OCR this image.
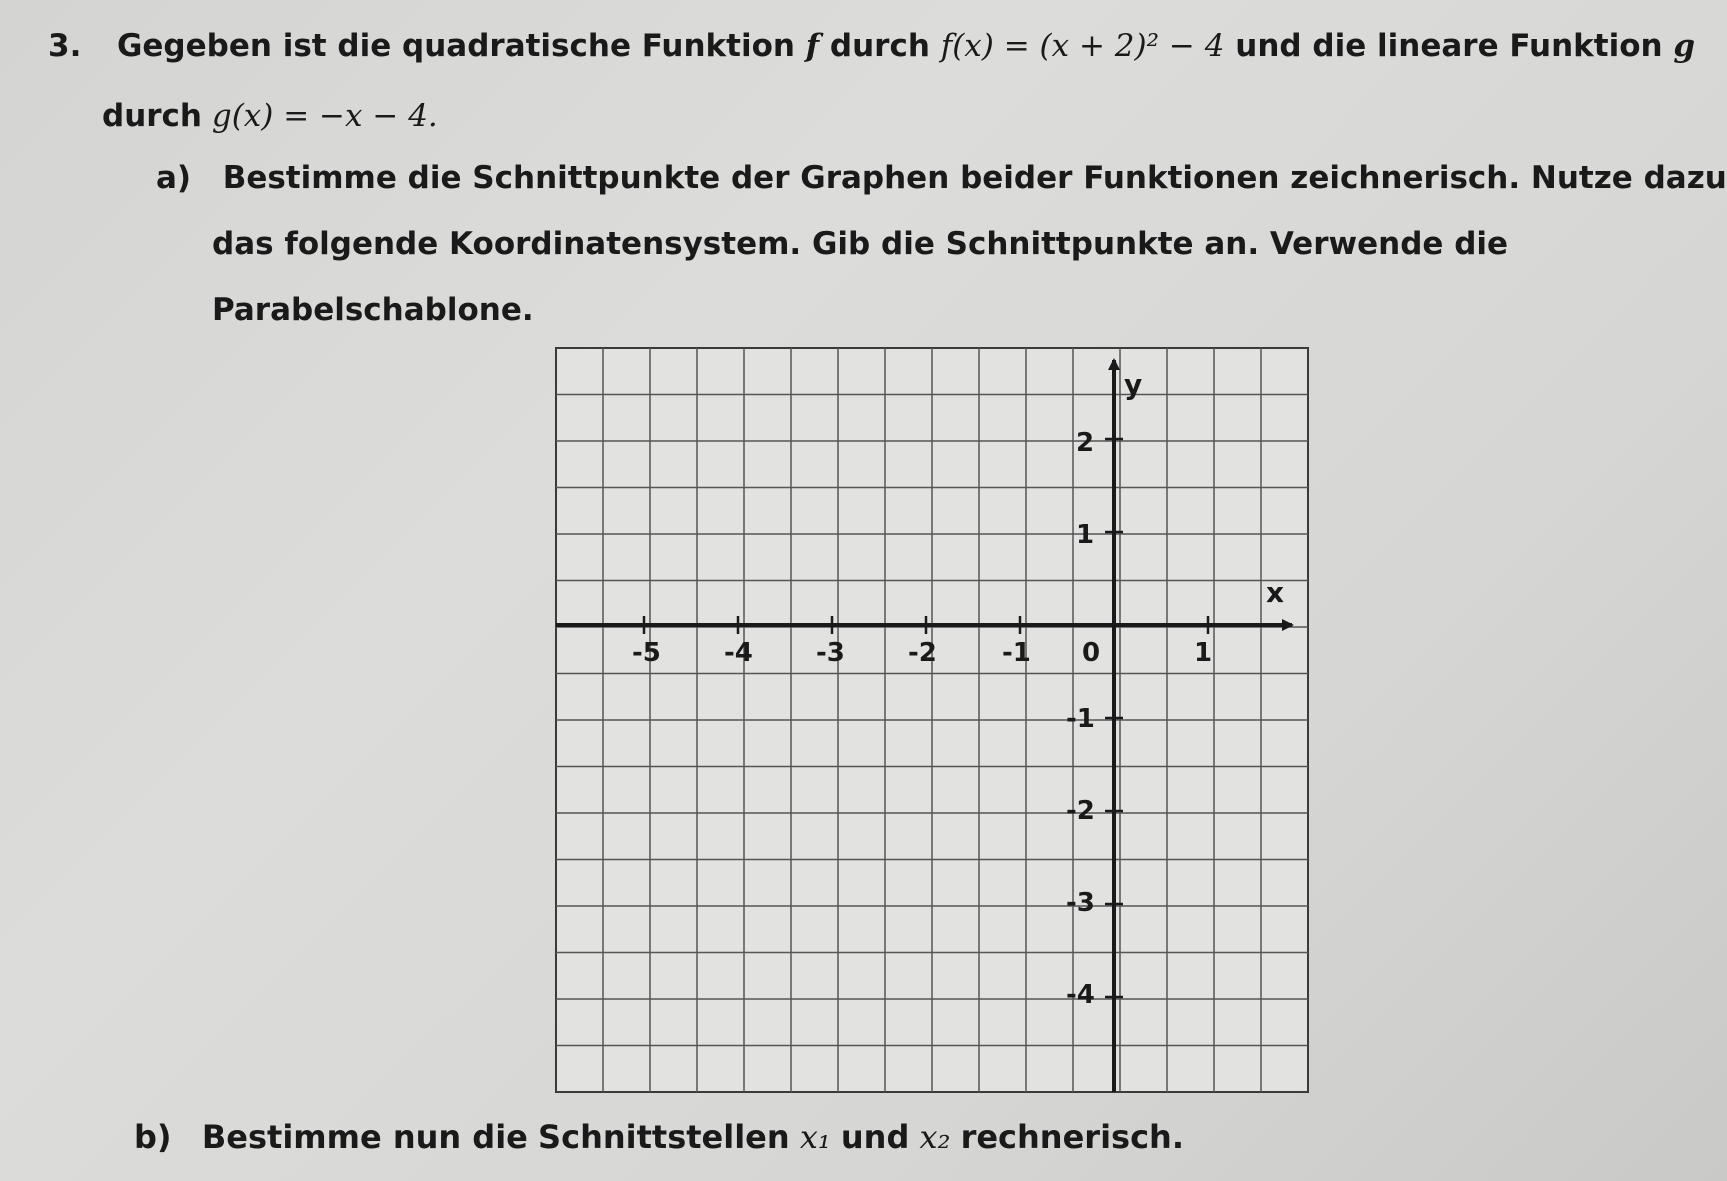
3. Gegeben ist die quadratische Funktion f durch f(x) = (x + 2)² − 4 und die lineare Funktion g
durch g(x) = −x − 4.
a) Bestimme die Schnittpunkte der Graphen beider Funktionen zeichnerisch. Nutze dazu
das folgende Koordinatensystem. Gib die Schnittpunkte an. Verwende die
Parabelschablone.
x
y
-5 -4 -3 -2	-1 0	1
2
1
-1
-2
-3
-4
b) Bestimme nun die Schnittstellen x₁ und x₂ rechnerisch.
